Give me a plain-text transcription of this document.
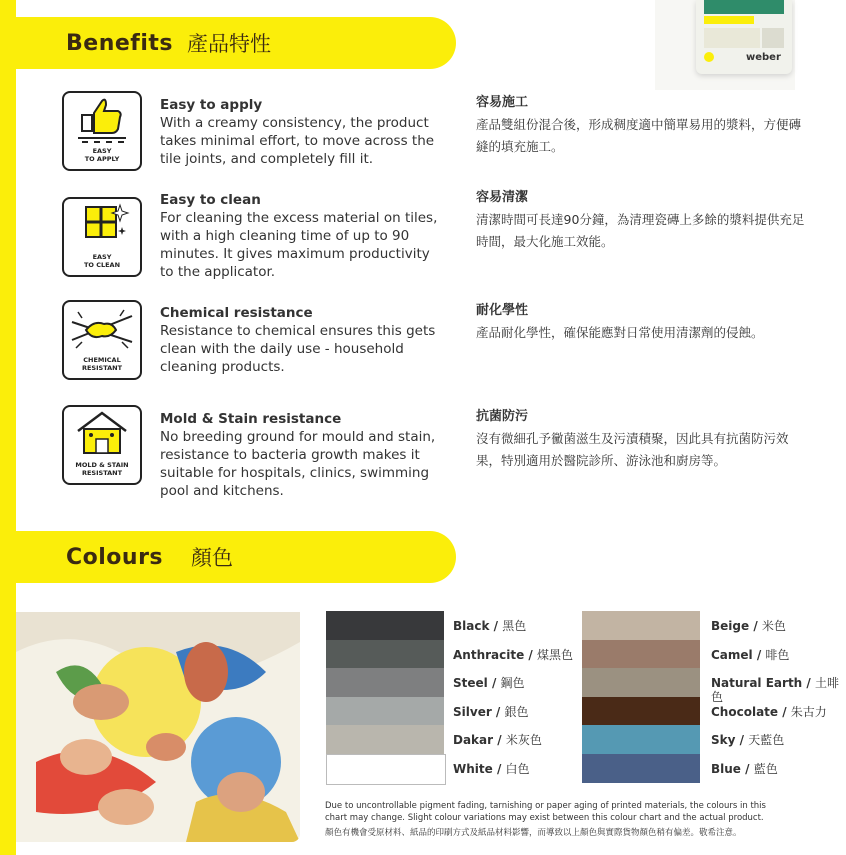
weber
Benefits 產品特性
EASY
TO APPLY
Easy to apply
With a creamy consistency, the product takes minimal effort, to move across the tile joints, and completely fill it.
容易施工
產品雙組份混合後，形成稠度適中簡單易用的漿料，方便磚縫的填充施工。
EASY
TO CLEAN
Easy to clean
For cleaning the excess material on tiles, with a high cleaning time of up to 90 minutes. It gives maximum productivity to the applicator.
容易清潔
清潔時間可長達90分鐘，為清理瓷磚上多餘的漿料提供充足時間，最大化施工效能。
CHEMICAL
RESISTANT
Chemical resistance
Resistance to chemical ensures this gets clean with the daily use - household cleaning products.
耐化學性
產品耐化學性，確保能應對日常使用清潔劑的侵蝕。
MOLD & STAIN
RESISTANT
Mold & Stain resistance
No breeding ground for mould and stain, resistance to bacteria growth makes it suitable for hospitals, clinics, swimming pool and kitchens.
抗菌防污
沒有微細孔予黴菌滋生及污漬積聚，因此具有抗菌防污效果，特別適用於醫院診所、游泳池和廚房等。
Colours 顏色
Black / 黑色
Anthracite / 煤黑色
Steel / 鋼色
Silver / 銀色
Dakar / 米灰色
White / 白色
Beige / 米色
Camel / 啡色
Natural Earth / 土啡色
Chocolate / 朱古力
Sky / 天藍色
Blue / 藍色
Due to uncontrollable pigment fading, tarnishing or paper aging of printed materials, the colours in this chart may change. Slight colour variations may exist between this colour chart and the actual product.
顏色有機會受原材料、紙品的印刷方式及紙品材料影響，而導致以上顏色與實際貨物顏色稍有偏差。敬希注意。
